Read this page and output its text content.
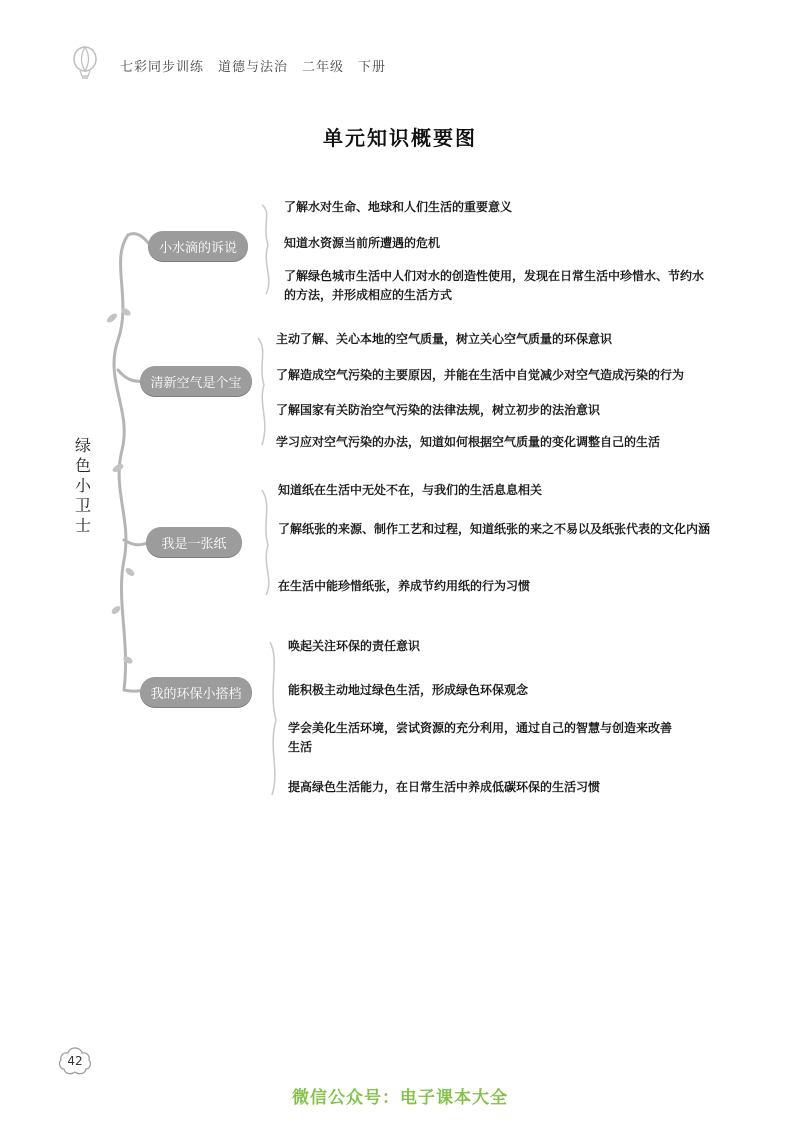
七彩同步训练　道德与法治　二年级　下册
单元知识概要图
绿色小卫士
小水滴的诉说
清新空气是个宝
我是一张纸
我的环保小搭档
了解水对生命、地球和人们生活的重要意义
知道水资源当前所遭遇的危机
了解绿色城市生活中人们对水的创造性使用，发现在日常生活中珍惜水、节约水的方法，并形成相应的生活方式
主动了解、关心本地的空气质量，树立关心空气质量的环保意识
了解造成空气污染的主要原因，并能在生活中自觉减少对空气造成污染的行为
了解国家有关防治空气污染的法律法规，树立初步的法治意识
学习应对空气污染的办法，知道如何根据空气质量的变化调整自己的生活
知道纸在生活中无处不在，与我们的生活息息相关
了解纸张的来源、制作工艺和过程，知道纸张的来之不易以及纸张代表的文化内涵
在生活中能珍惜纸张，养成节约用纸的行为习惯
唤起关注环保的责任意识
能积极主动地过绿色生活，形成绿色环保观念
学会美化生活环境，尝试资源的充分利用，通过自己的智慧与创造来改善生活
提高绿色生活能力，在日常生活中养成低碳环保的生活习惯
42
微信公众号：电子课本大全
